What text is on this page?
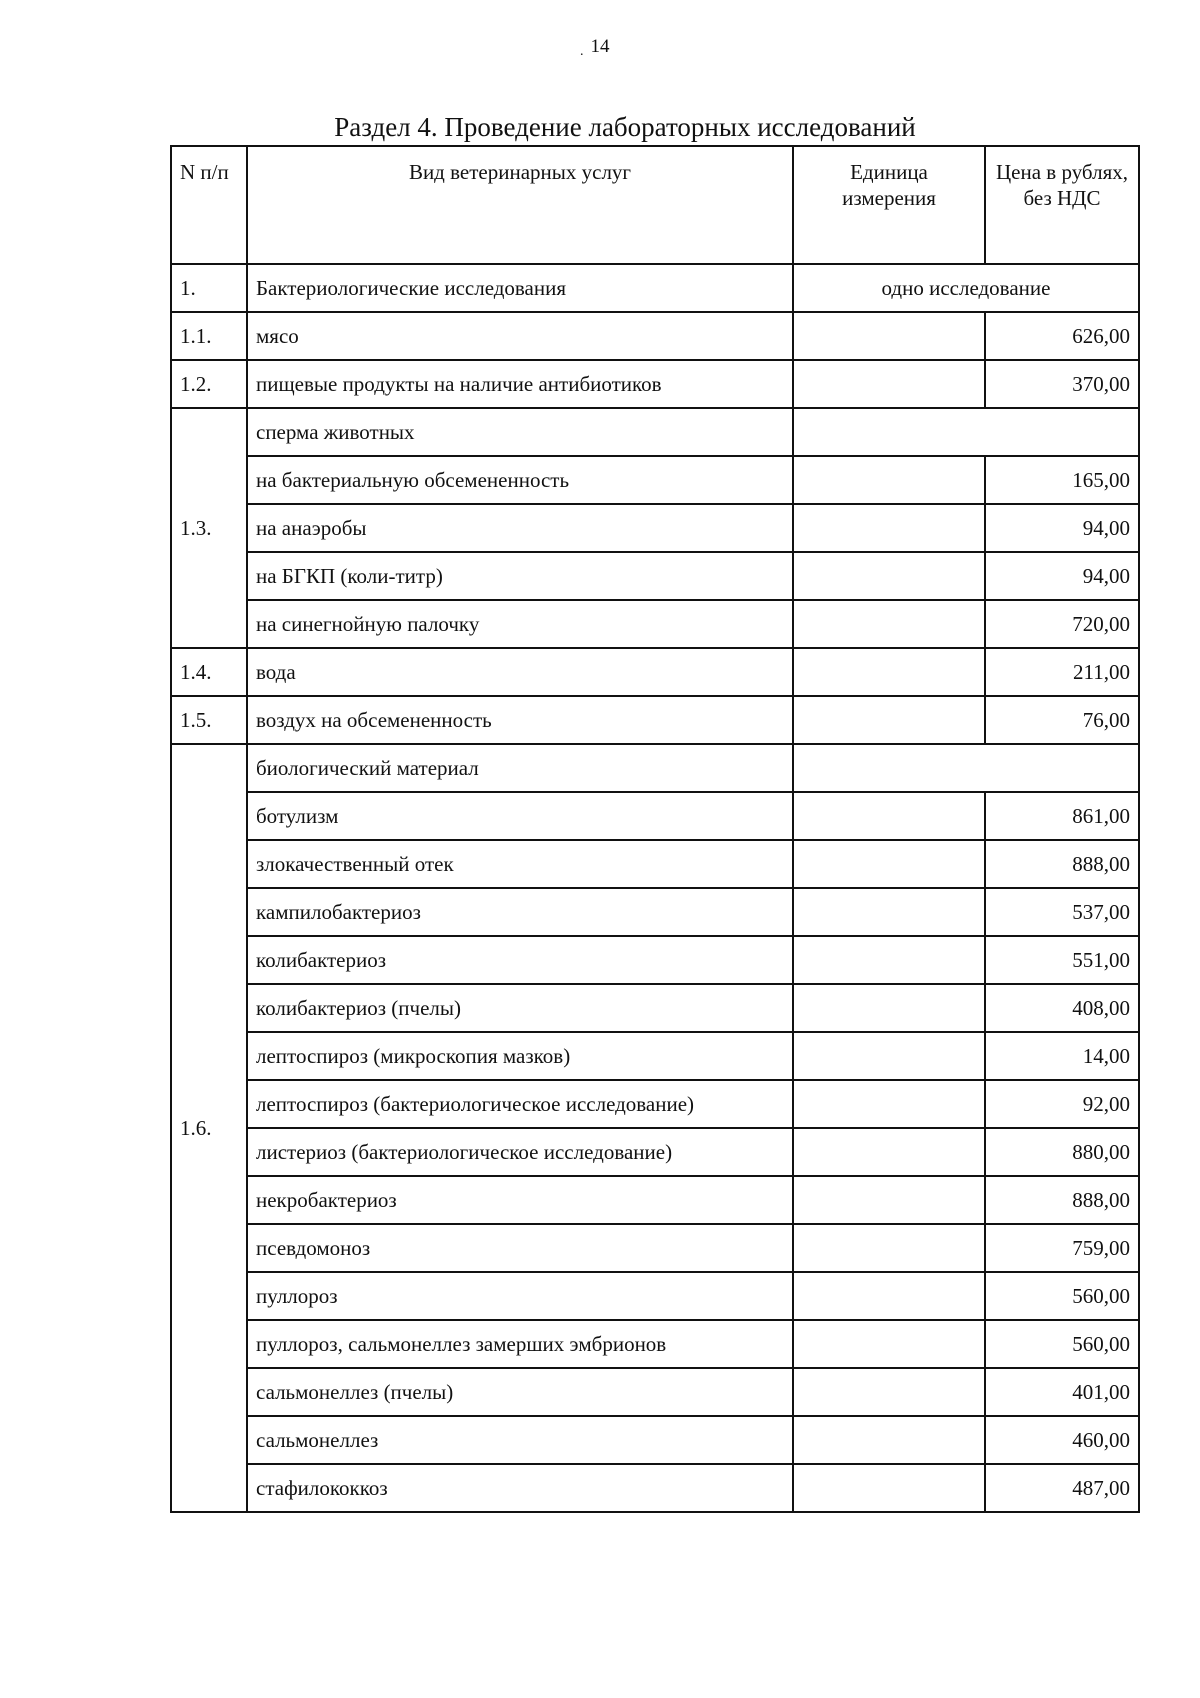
. 14
Раздел 4. Проведение лабораторных исследований
N п/п	Вид ветеринарных услуг	Единица измерения	Цена в рублях, без НДС
1.	Бактериологические исследования	одно исследование	
1.1.	мясо		626,00
1.2.	пищевые продукты на наличие антибиотиков		370,00
1.3.	сперма животных		
	на бактериальную обсемененность		165,00
	на анаэробы		94,00
	на БГКП (коли-титр)		94,00
	на синегнойную палочку		720,00
1.4.	вода		211,00
1.5.	воздух на обсемененность		76,00
1.6.	биологический материал		
	ботулизм		861,00
	злокачественный отек		888,00
	кампилобактериоз		537,00
	колибактериоз		551,00
	колибактериоз (пчелы)		408,00
	лептоспироз (микроскопия мазков)		14,00
	лептоспироз (бактериологическое исследование)		92,00
	листериоз (бактериологическое исследование)		880,00
	некробактериоз		888,00
	псевдомоноз		759,00
	пуллороз		560,00
	пуллороз, сальмонеллез замерших эмбрионов		560,00
	сальмонеллез (пчелы)		401,00
	сальмонеллез		460,00
	стафилококкоз		487,00
